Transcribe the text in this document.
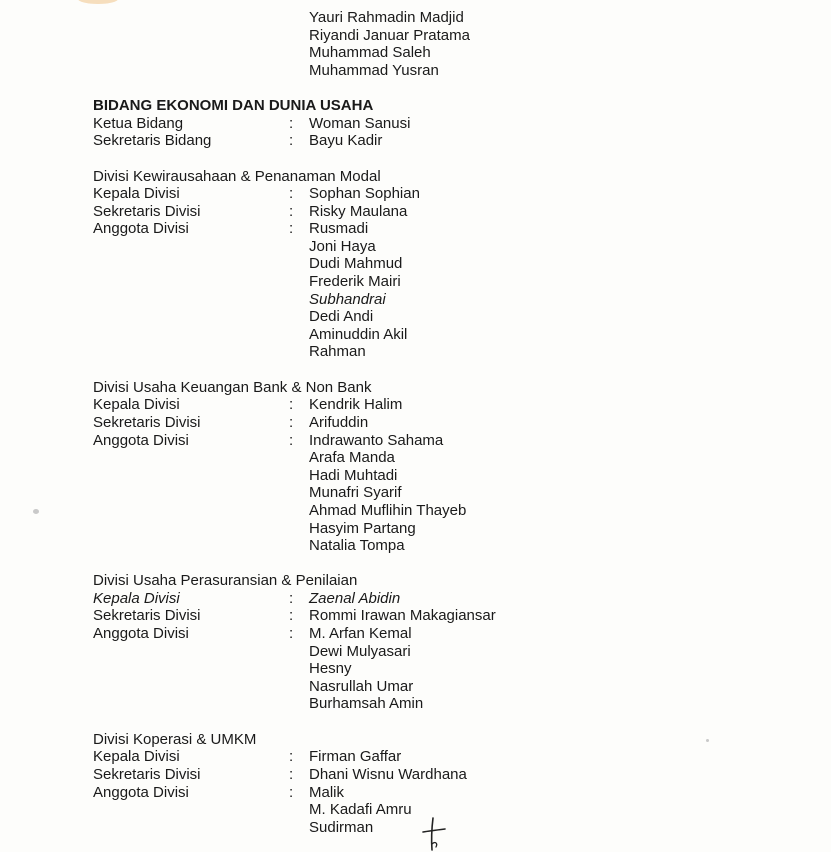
Yauri Rahmadin Madjid
Riyandi Januar Pratama
Muhammad Saleh
Muhammad Yusran
BIDANG EKONOMI DAN DUNIA USAHA
Ketua Bidang	: Woman Sanusi
Sekretaris Bidang	: Bayu Kadir
Divisi Kewirausahaan & Penanaman Modal
Kepala Divisi	: Sophan Sophian
Sekretaris Divisi	: Risky Maulana
Anggota Divisi	: Rusmadi
Joni Haya
Dudi Mahmud
Frederik Mairi
Subhandrai
Dedi Andi
Aminuddin Akil
Rahman
Divisi Usaha Keuangan Bank & Non Bank
Kepala Divisi	: Kendrik Halim
Sekretaris Divisi	: Arifuddin
Anggota Divisi	: Indrawanto Sahama
Arafa Manda
Hadi Muhtadi
Munafri Syarif
Ahmad Muflihin Thayeb
Hasyim Partang
Natalia Tompa
Divisi Usaha Perasuransian & Penilaian
Kepala Divisi	: Zaenal Abidin
Sekretaris Divisi	: Rommi Irawan Makagiansar
Anggota Divisi	: M. Arfan Kemal
Dewi Mulyasari
Hesny
Nasrullah Umar
Burhamsah Amin
Divisi Koperasi & UMKM
Kepala Divisi	: Firman Gaffar
Sekretaris Divisi	: Dhani Wisnu Wardhana
Anggota Divisi	: Malik
M. Kadafi Amru
Sudirman
